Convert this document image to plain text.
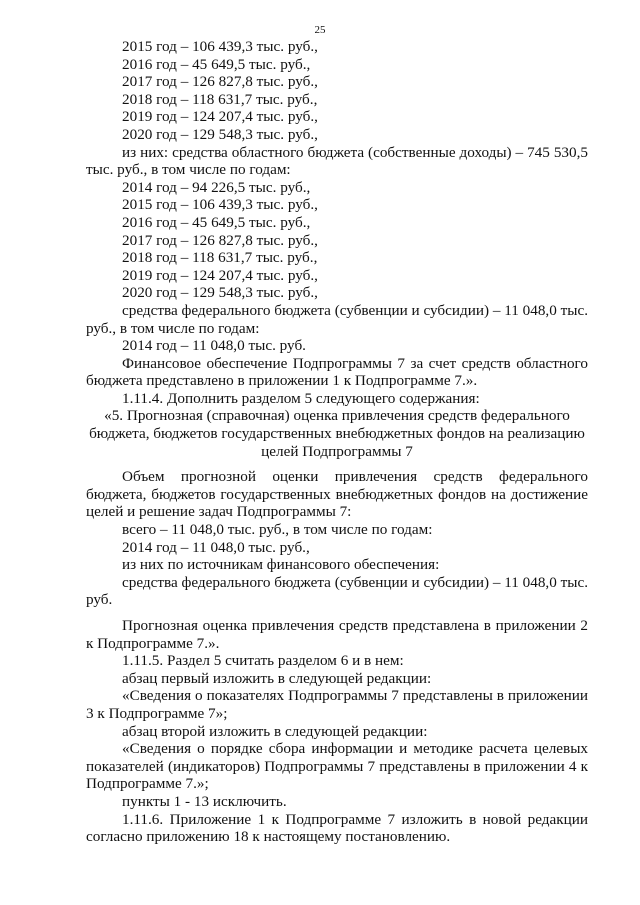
25
2015 год – 106 439,3 тыс. руб.,
2016 год – 45 649,5 тыс. руб.,
2017 год – 126 827,8 тыс. руб.,
2018 год – 118 631,7 тыс. руб.,
2019 год – 124 207,4 тыс. руб.,
2020 год – 129 548,3 тыс. руб.,
из них: средства областного бюджета (собственные доходы) – 745 530,5
тыс. руб., в том числе по годам:
2014 год – 94 226,5 тыс. руб.,
2015 год – 106 439,3 тыс. руб.,
2016 год – 45 649,5 тыс. руб.,
2017 год – 126 827,8 тыс. руб.,
2018 год – 118 631,7 тыс. руб.,
2019 год – 124 207,4 тыс. руб.,
2020 год – 129 548,3 тыс. руб.,
средства федерального бюджета (субвенции и субсидии) – 11 048,0 тыс.
руб., в том числе по годам:
2014 год – 11 048,0 тыс. руб.
Финансовое обеспечение Подпрограммы 7 за счет средств областного бюджета представлено в приложении 1 к Подпрограмме 7.».
1.11.4. Дополнить разделом 5 следующего содержания:
«5. Прогнозная (справочная) оценка привлечения средств федерального
бюджета, бюджетов государственных внебюджетных фондов на реализацию
целей Подпрограммы 7
Объем прогнозной оценки привлечения средств федерального бюджета, бюджетов государственных внебюджетных фондов на достижение целей и решение задач Подпрограммы 7:
всего – 11 048,0 тыс. руб., в том числе по годам:
2014 год – 11 048,0 тыс. руб.,
из них по источникам финансового обеспечения:
средства федерального бюджета (субвенции и субсидии) – 11 048,0 тыс. руб.
Прогнозная оценка привлечения средств представлена в приложении 2 к Подпрограмме 7.».
1.11.5. Раздел 5 считать разделом 6 и в нем:
абзац первый изложить в следующей редакции:
«Сведения о показателях Подпрограммы 7 представлены в приложении 3 к Подпрограмме 7»;
абзац второй изложить в следующей редакции:
«Сведения о порядке сбора информации и методике расчета целевых показателей (индикаторов) Подпрограммы 7 представлены в приложении 4 к Подпрограмме 7.»;
пункты 1 - 13 исключить.
1.11.6. Приложение 1 к Подпрограмме 7 изложить в новой редакции согласно приложению 18 к настоящему постановлению.
